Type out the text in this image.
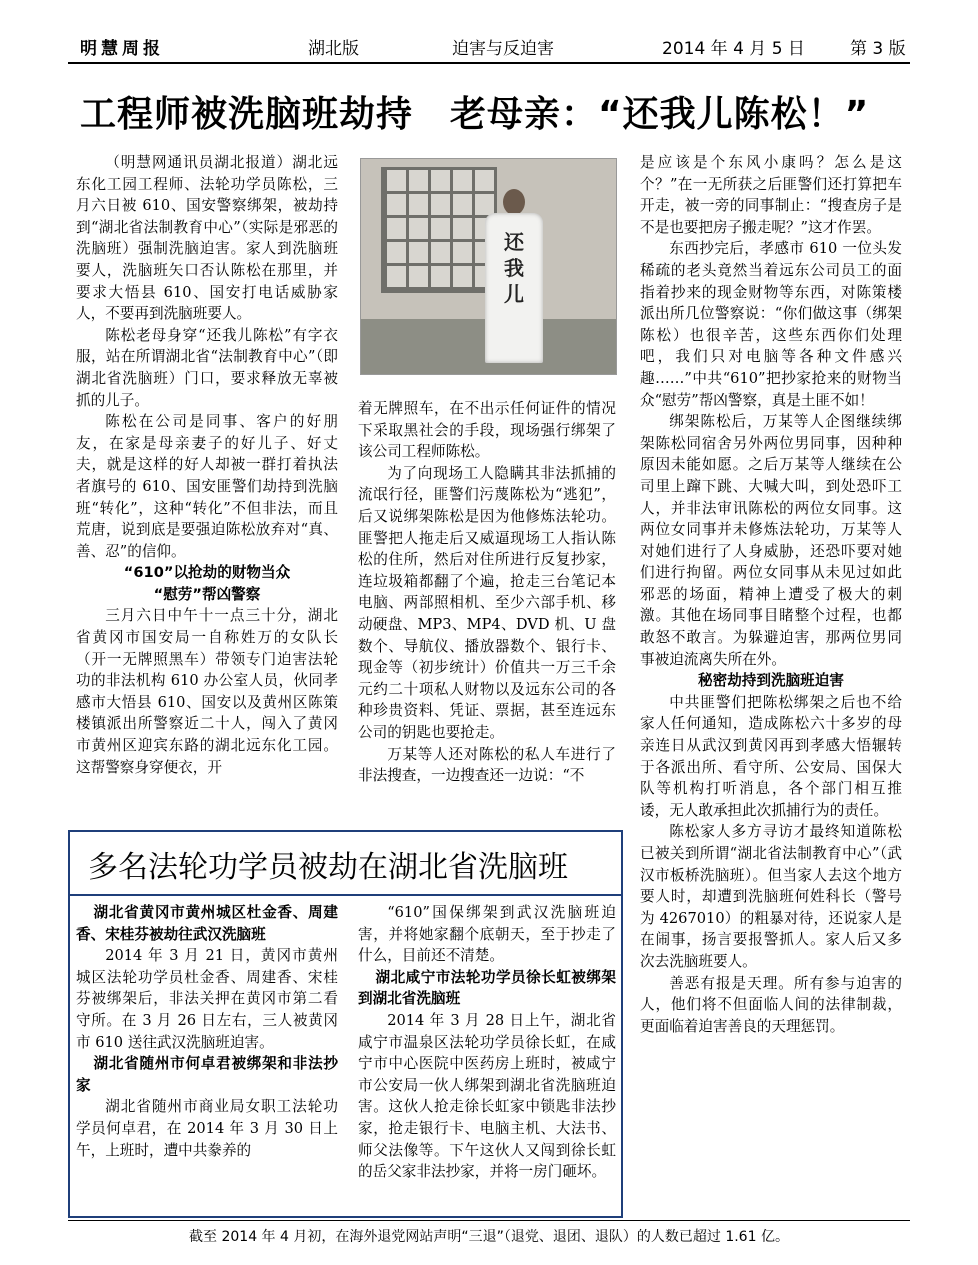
明慧周报	湖北版	迫害与反迫害	2014 年 4 月 5 日	第 3 版
工程师被洗脑班劫持　老母亲：“还我儿陈松！”

（明慧网通讯员湖北报道）湖北远东化工园工程师、法轮功学员陈松，三月六日被 610、国安警察绑架，被劫持到“湖北省法制教育中心”（实际是邪恶的洗脑班）强制洗脑迫害。家人到洗脑班要人，洗脑班矢口否认陈松在那里，并要求大悟县 610、国安打电话威胁家人，不要再到洗脑班要人。

陈松老母身穿“还我儿陈松”有字衣服，站在所谓湖北省“法制教育中心”（即湖北省洗脑班）门口，要求释放无辜被抓的儿子。

陈松在公司是同事、客户的好朋友，在家是母亲妻子的好儿子、好丈夫，就是这样的好人却被一群打着执法者旗号的 610、国安匪警们劫持到洗脑班“转化”，这种“转化”不但非法，而且荒唐，说到底是要强迫陈松放弃对“真、善、忍”的信仰。

“610”以抢劫的财物当众

“慰劳”帮凶警察

三月六日中午十一点三十分，湖北省黄冈市国安局一自称姓万的女队长（开一无牌照黑车）带领专门迫害法轮功的非法机构 610 办公室人员，伙同孝感市大悟县 610、国安以及黄州区陈策楼镇派出所警察近二十人，闯入了黄冈市黄州区迎宾东路的湖北远东化工园。这帮警察身穿便衣，开

还我儿

着无牌照车，在不出示任何证件的情况下采取黑社会的手段，现场强行绑架了该公司工程师陈松。

为了向现场工人隐瞒其非法抓捕的流氓行径，匪警们污蔑陈松为“逃犯”，后又说绑架陈松是因为他修炼法轮功。匪警把人拖走后又威逼现场工人指认陈松的住所，然后对住所进行反复抄家，连垃圾箱都翻了个遍，抢走三台笔记本电脑、两部照相机、至少六部手机、移动硬盘、MP3、MP4、DVD 机、U 盘数个、导航仪、播放器数个、银行卡、现金等（初步统计）价值共一万三千余元约二十项私人财物以及远东公司的各种珍贵资料、凭证、票据，甚至连远东公司的钥匙也要抢走。

万某等人还对陈松的私人车进行了非法搜查，一边搜查还一边说：“不

是应该是个东风小康吗？怎么是这个？”在一无所获之后匪警们还打算把车开走，被一旁的同事制止：“搜查房子是不是也要把房子搬走呢？”这才作罢。

东西抄完后，孝感市 610 一位头发稀疏的老头竟然当着远东公司员工的面指着抄来的现金财物等东西，对陈策楼派出所几位警察说：“你们做这事（绑架陈松）也很辛苦，这些东西你们处理吧，我们只对电脑等各种文件感兴趣……”中共“610”把抄家抢来的财物当众“慰劳”帮凶警察，真是土匪不如！

绑架陈松后，万某等人企图继续绑架陈松同宿舍另外两位男同事，因种种原因未能如愿。之后万某等人继续在公司里上蹿下跳、大喊大叫，到处恐吓工人，并非法审讯陈松的两位女同事。这两位女同事并未修炼法轮功，万某等人对她们进行了人身威胁，还恐吓要对她们进行拘留。两位女同事从未见过如此邪恶的场面，精神上遭受了极大的刺激。其他在场同事目睹整个过程，也都敢怒不敢言。为躲避迫害，那两位男同事被迫流离失所在外。

秘密劫持到洗脑班迫害

中共匪警们把陈松绑架之后也不给家人任何通知，造成陈松六十多岁的母亲连日从武汉到黄冈再到孝感大悟辗转于各派出所、看守所、公安局、国保大队等机构打听消息，各个部门相互推诿，无人敢承担此次抓捕行为的责任。

陈松家人多方寻访才最终知道陈松已被关到所谓“湖北省法制教育中心”（武汉市板桥洗脑班）。但当家人去这个地方要人时，却遭到洗脑班何姓科长（警号为 4267010）的粗暴对待，还说家人是在闹事，扬言要报警抓人。家人后又多次去洗脑班要人。

善恶有报是天理。所有参与迫害的人，他们将不但面临人间的法律制裁，更面临着迫害善良的天理惩罚。

多名法轮功学员被劫在湖北省洗脑班

湖北省黄冈市黄州城区杜金香、周建香、宋桂芬被劫往武汉洗脑班

2014 年 3 月 21 日，黄冈市黄州城区法轮功学员杜金香、周建香、宋桂芬被绑架后，非法关押在黄冈市第二看守所。在 3 月 26 日左右，三人被黄冈市 610 送往武汉洗脑班迫害。

湖北省随州市何卓君被绑架和非法抄家

湖北省随州市商业局女职工法轮功学员何卓君，在 2014 年 3 月 30 日上午，上班时，遭中共豢养的

“610”国保绑架到武汉洗脑班迫害，并将她家翻个底朝天，至于抄走了什么，目前还不清楚。

湖北咸宁市法轮功学员徐长虹被绑架到湖北省洗脑班

2014 年 3 月 28 日上午，湖北省咸宁市温泉区法轮功学员徐长虹，在咸宁市中心医院中医药房上班时，被咸宁市公安局一伙人绑架到湖北省洗脑班迫害。这伙人抢走徐长虹家中锁匙非法抄家，抢走银行卡、电脑主机、大法书、师父法像等。下午这伙人又闯到徐长虹的岳父家非法抄家，并将一房门砸坏。

截至 2014 年 4 月初，在海外退党网站声明“三退”（退党、退团、退队）的人数已超过 1.61 亿。
